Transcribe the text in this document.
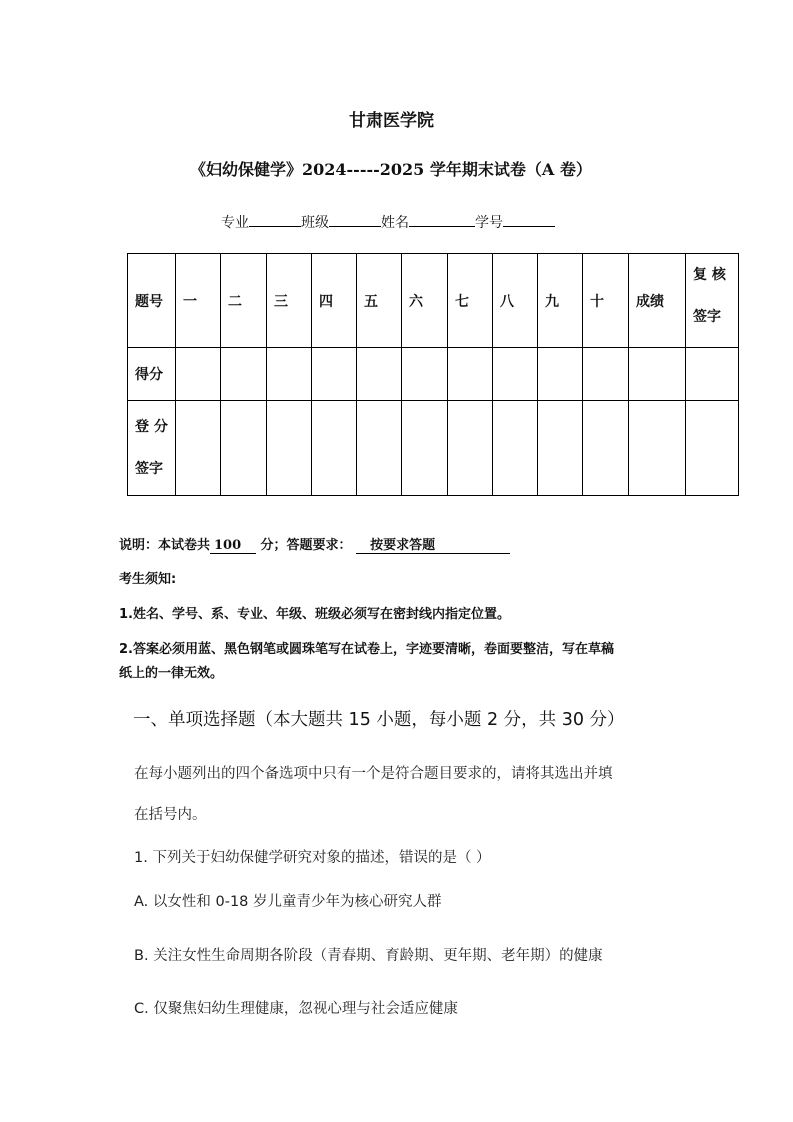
甘肃医学院
《妇幼保健学》2024-----2025 学年期末试卷（A 卷）
专业	班级	姓名	学号
题号	一	二	三	四	五	六	七	八	九	十	成绩	复 核
签字

得分												

登 分
签字												

说明：本试卷共 100 分；答题要求： 按要求答题
考生须知:
1.姓名、学号、系、专业、年级、班级必须写在密封线内指定位置。
2.答案必须用蓝、黑色钢笔或圆珠笔写在试卷上，字迹要清晰，卷面要整洁，写在草稿
纸上的一律无效。
一、单项选择题（本大题共 15 小题，每小题 2 分，共 30 分）
在每小题列出的四个备选项中只有一个是符合题目要求的，请将其选出并填
在括号内。
1. 下列关于妇幼保健学研究对象的描述，错误的是（ ）
A. 以女性和 0-18 岁儿童青少年为核心研究人群
B. 关注女性生命周期各阶段（青春期、育龄期、更年期、老年期）的健康
C. 仅聚焦妇幼生理健康，忽视心理与社会适应健康
